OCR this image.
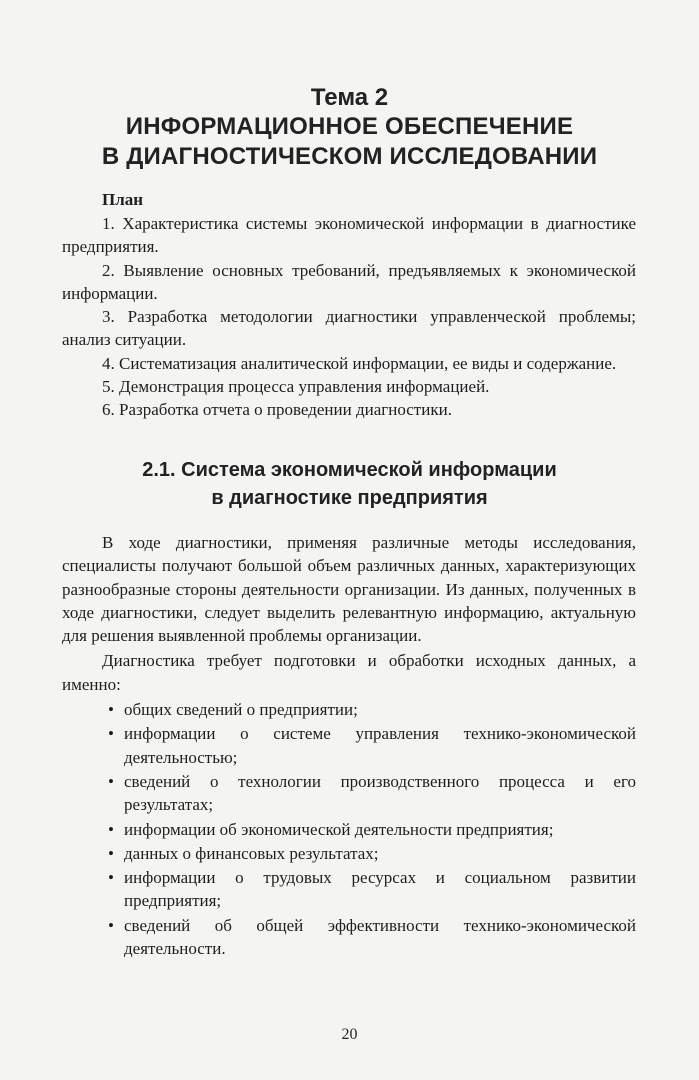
Тема 2
ИНФОРМАЦИОННОЕ ОБЕСПЕЧЕНИЕ
В ДИАГНОСТИЧЕСКОМ ИССЛЕДОВАНИИ
План

1. Характеристика системы экономической информации в диагностике предприятия.

2. Выявление основных требований, предъявляемых к экономической информации.

3. Разработка методологии диагностики управленческой проблемы; анализ ситуации.

4. Систематизация аналитической информации, ее виды и содержание.

5. Демонстрация процесса управления информацией.

6. Разработка отчета о проведении диагностики.

2.1. Система экономической информации
в диагностике предприятия

В ходе диагностики, применяя различные методы исследования, специалисты получают большой объем различных данных, характеризующих разнообразные стороны деятельности организации. Из данных, полученных в ходе диагностики, следует выделить релевантную информацию, актуальную для решения выявленной проблемы организации.

Диагностика требует подготовки и обработки исходных данных, а именно:

• общих сведений о предприятии;
• информации о системе управления технико-экономической деятельностью;
• сведений о технологии производственного процесса и его результатах;
• информации об экономической деятельности предприятия;
• данных о финансовых результатах;
• информации о трудовых ресурсах и социальном развитии предприятия;
• сведений об общей эффективности технико-экономической деятельности.
20
